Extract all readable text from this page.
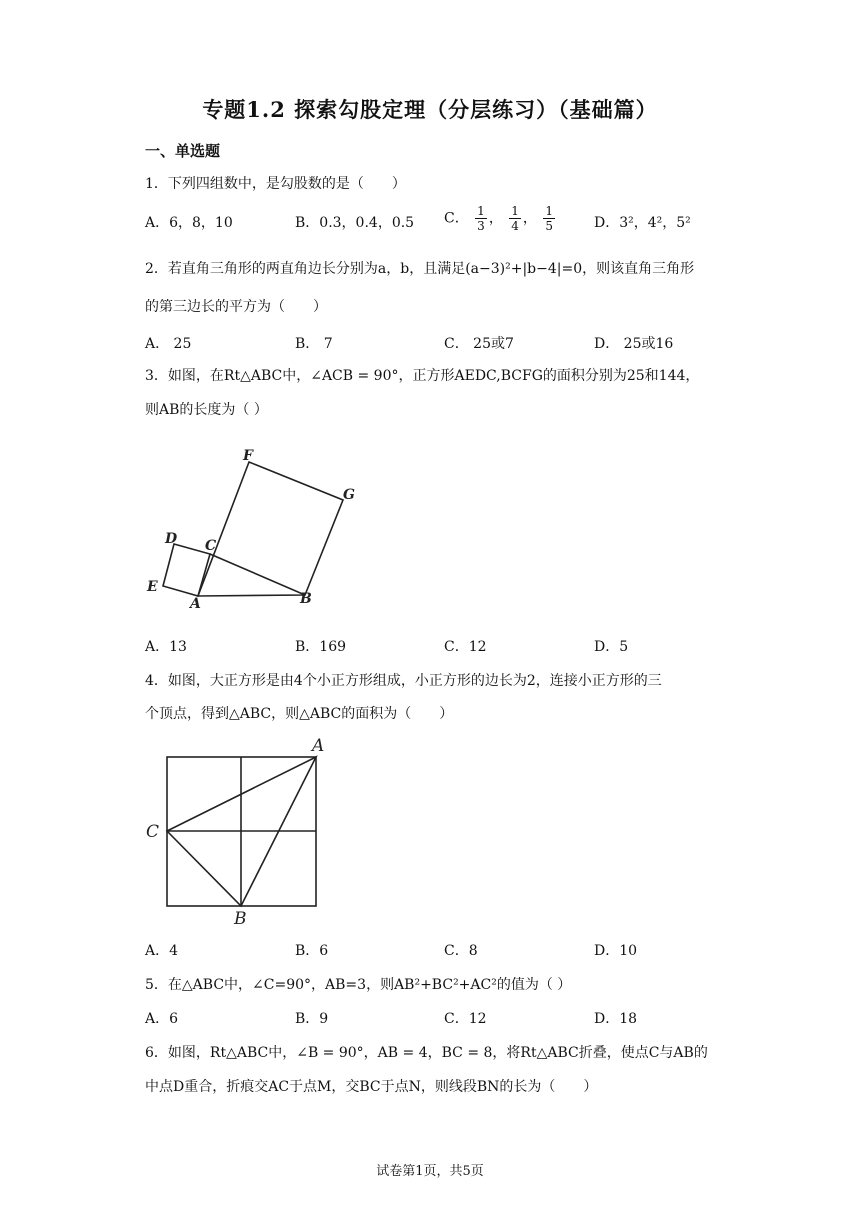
专题1.2 探索勾股定理（分层练习）（基础篇）
一、单选题

1．下列四组数中，是勾股数的是（　　）

A．6，8，10	B．0.3，0.4，0.5 C． $\frac{1}{3}$ ， $\frac{1}{4}$ ， $\frac{1}{5}$	D．3²，4²，5²

2．若直角三角形的两直角边长分别为a，b，且满足(a−3)²+|b−4|=0，则该直角三角形

的第三边长的平方为（　　）

A． 25	B． 7	C． 25或7	D． 25或16

3．如图，在Rt△ABC中，∠ACB = 90°，正方形AEDC,BCFG的面积分别为25和144，

则AB的长度为（ ）

F
G
D C
E
A	B
A．13	B．169	C．12	D．5

4．如图，大正方形是由4个小正方形组成，小正方形的边长为2，连接小正方形的三

个顶点，得到△ABC，则△ABC的面积为（　　）

A
B
C
A．4	B．6	C．8	D．10

5．在△ABC中，∠C=90°，AB=3，则AB²+BC²+AC²的值为（ ）

A．6	B．9	C．12	D．18

6．如图，Rt△ABC中，∠B = 90°，AB = 4，BC = 8，将Rt△ABC折叠，使点C与AB的

中点D重合，折痕交AC于点M，交BC于点N，则线段BN的长为（　　）

试卷第1页，共5页
